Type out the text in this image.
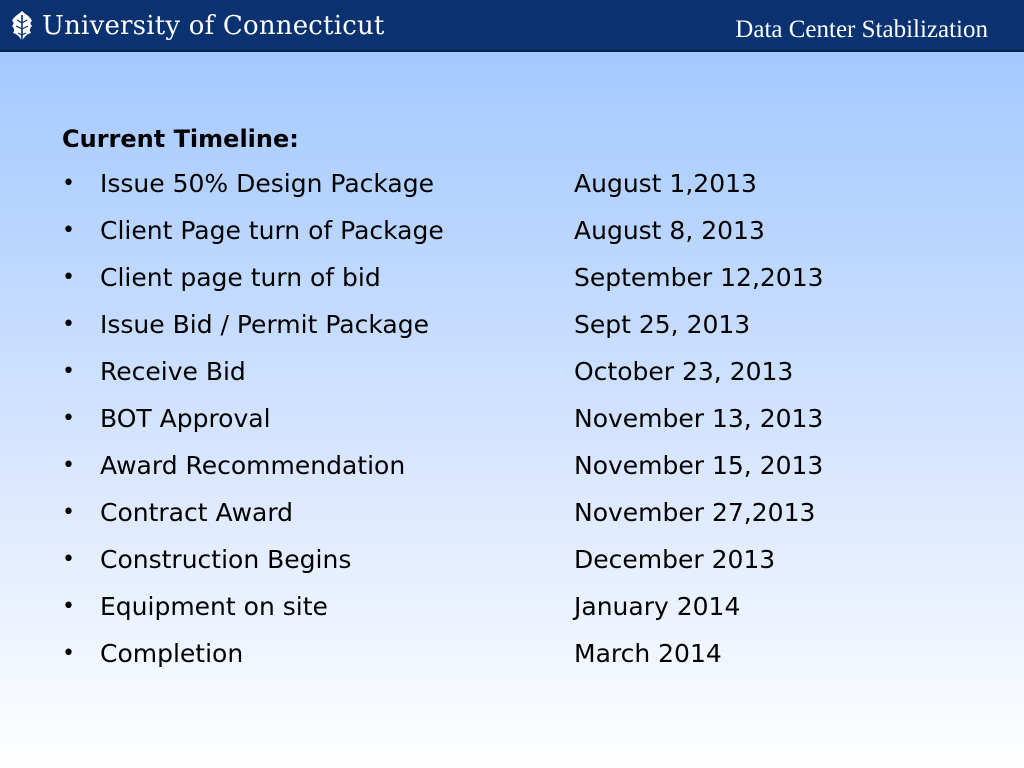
University of Connecticut	Data Center Stabilization
Current Timeline:
•	Issue 50% Design Package	August 1,2013
•	Client Page turn of Package	August 8, 2013
•	Client page turn of bid	September 12,2013
•	Issue Bid / Permit Package	Sept 25, 2013
•	Receive Bid	October 23, 2013
•	BOT Approval	November 13, 2013
•	Award Recommendation	November 15, 2013
•	Contract Award	November 27,2013
•	Construction Begins	December 2013
•	Equipment on site	January 2014
•	Completion	March 2014
